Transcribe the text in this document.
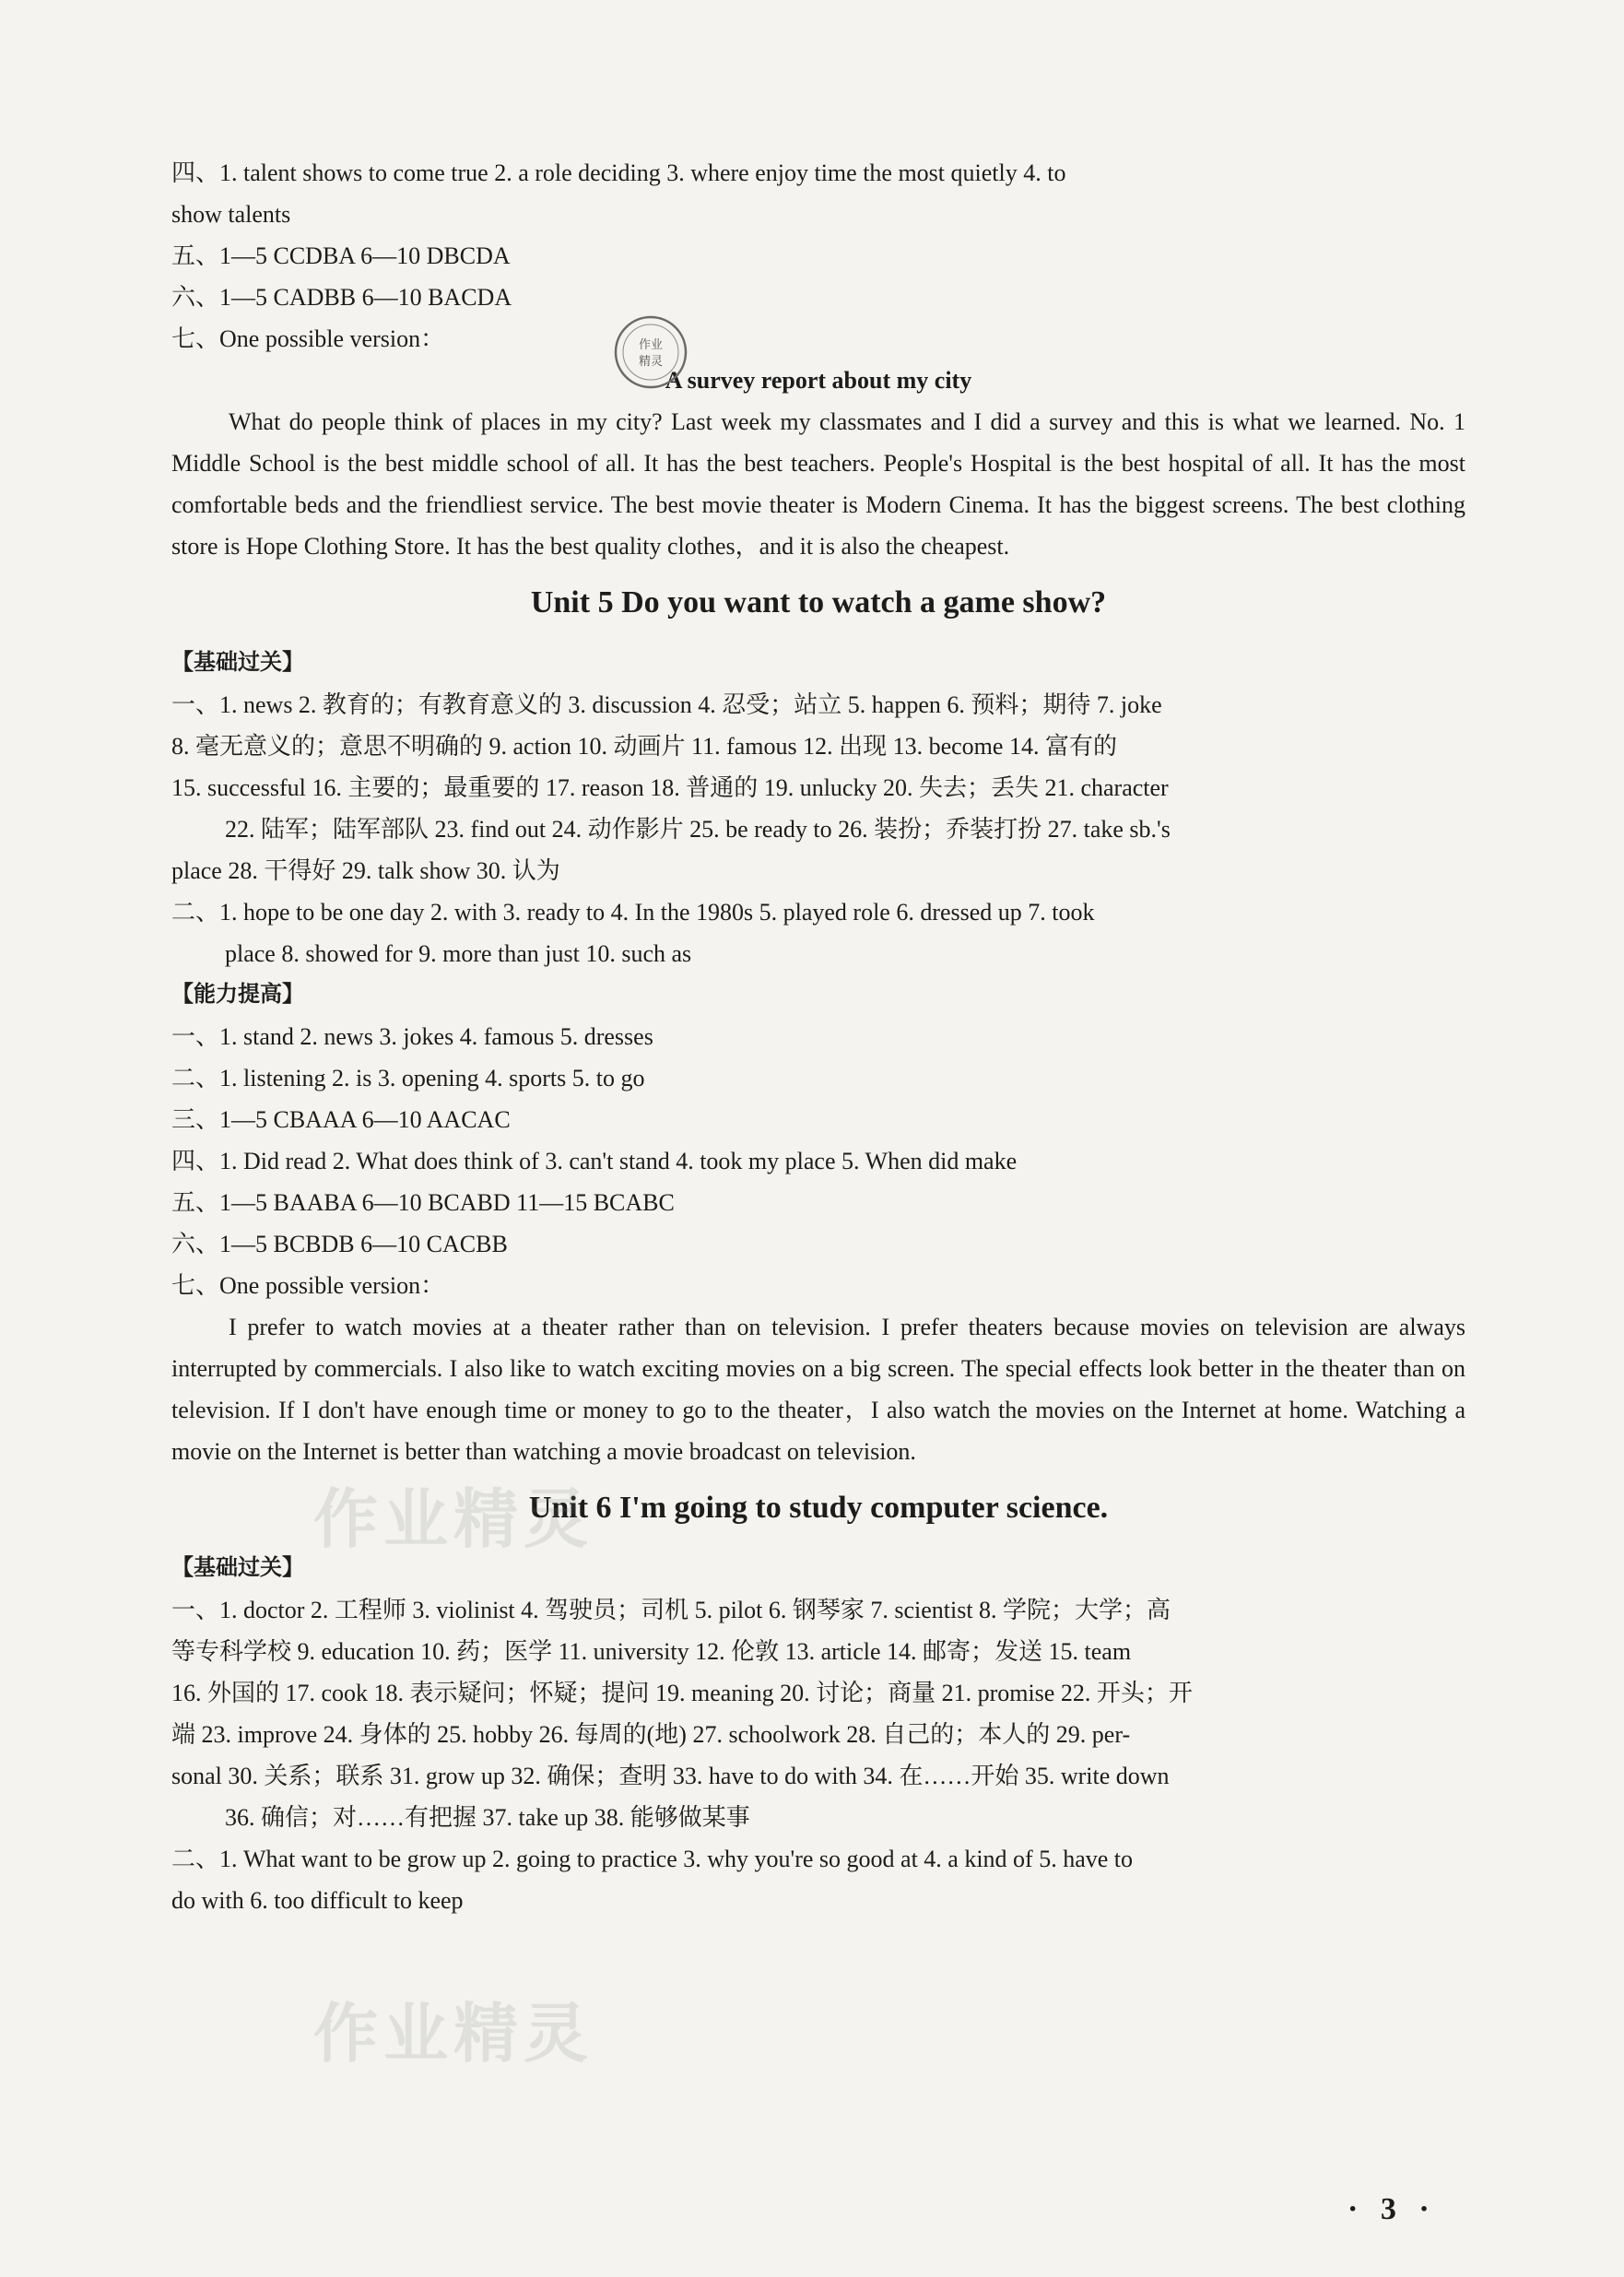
四、1. talent shows to come true 2. a role deciding 3. where enjoy time the most quietly 4. to
show talents
五、1—5 CCDBA 6—10 DBCDA
六、1—5 CADBB 6—10 BACDA
七、One possible version：
A survey report about my city

What do people think of places in my city? Last week my classmates and I did a survey and this is what we learned. No. 1 Middle School is the best middle school of all. It has the best teachers. People's Hospital is the best hospital of all. It has the most comfortable beds and the friendliest service. The best movie theater is Modern Cinema. It has the biggest screens. The best clothing store is Hope Clothing Store. It has the best quality clothes，and it is also the cheapest.

Unit 5 Do you want to watch a game show?
【基础过关】
一、1. news 2. 教育的；有教育意义的 3. discussion 4. 忍受；站立 5. happen 6. 预料；期待 7. joke
8. 毫无意义的；意思不明确的 9. action 10. 动画片 11. famous 12. 出现 13. become 14. 富有的
15. successful 16. 主要的；最重要的 17. reason 18. 普通的 19. unlucky 20. 失去；丢失 21. character
22. 陆军；陆军部队 23. find out 24. 动作影片 25. be ready to 26. 装扮；乔装打扮 27. take sb.'s
place 28. 干得好 29. talk show 30. 认为
二、1. hope to be one day 2. with 3. ready to 4. In the 1980s 5. played role 6. dressed up 7. took
place 8. showed for 9. more than just 10. such as
【能力提高】
一、1. stand 2. news 3. jokes 4. famous 5. dresses
二、1. listening 2. is 3. opening 4. sports 5. to go
三、1—5 CBAAA 6—10 AACAC
四、1. Did read 2. What does think of 3. can't stand 4. took my place 5. When did make
五、1—5 BAABA 6—10 BCABD 11—15 BCABC
六、1—5 BCBDB 6—10 CACBB
七、One possible version：

I prefer to watch movies at a theater rather than on television. I prefer theaters because movies on television are always interrupted by commercials. I also like to watch exciting movies on a big screen. The special effects look better in the theater than on television. If I don't have enough time or money to go to the theater，I also watch the movies on the Internet at home. Watching a movie on the Internet is better than watching a movie broadcast on television.

Unit 6 I'm going to study computer science.
【基础过关】
一、1. doctor 2. 工程师 3. violinist 4. 驾驶员；司机 5. pilot 6. 钢琴家 7. scientist 8. 学院；大学；高
等专科学校 9. education 10. 药；医学 11. university 12. 伦敦 13. article 14. 邮寄；发送 15. team
16. 外国的 17. cook 18. 表示疑问；怀疑；提问 19. meaning 20. 讨论；商量 21. promise 22. 开头；开
端 23. improve 24. 身体的 25. hobby 26. 每周的(地) 27. schoolwork 28. 自己的；本人的 29. per-
sonal 30. 关系；联系 31. grow up 32. 确保；查明 33. have to do with 34. 在……开始 35. write down
36. 确信；对……有把握 37. take up 38. 能够做某事
二、1. What want to be grow up 2. going to practice 3. why you're so good at 4. a kind of 5. have to
do with 6. too difficult to keep
作业
精灵
作业精灵
作业精灵
· 3 ·
